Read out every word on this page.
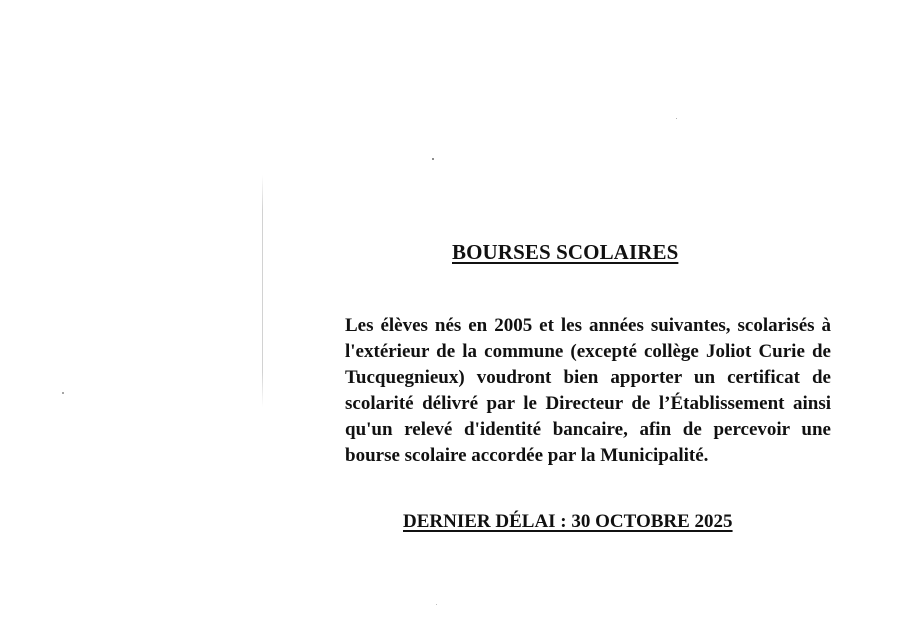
BOURSES SCOLAIRES

Les élèves nés en 2005 et les années suivantes, scolarisés à l'extérieur de la commune (excepté collège Joliot Curie de Tucquegnieux) voudront bien apporter un certificat de scolarité délivré par le Directeur de l’Établissement ainsi qu'un relevé d'identité bancaire, afin de percevoir une bourse scolaire accordée par la Municipalité.

DERNIER DÉLAI : 30 OCTOBRE 2025
